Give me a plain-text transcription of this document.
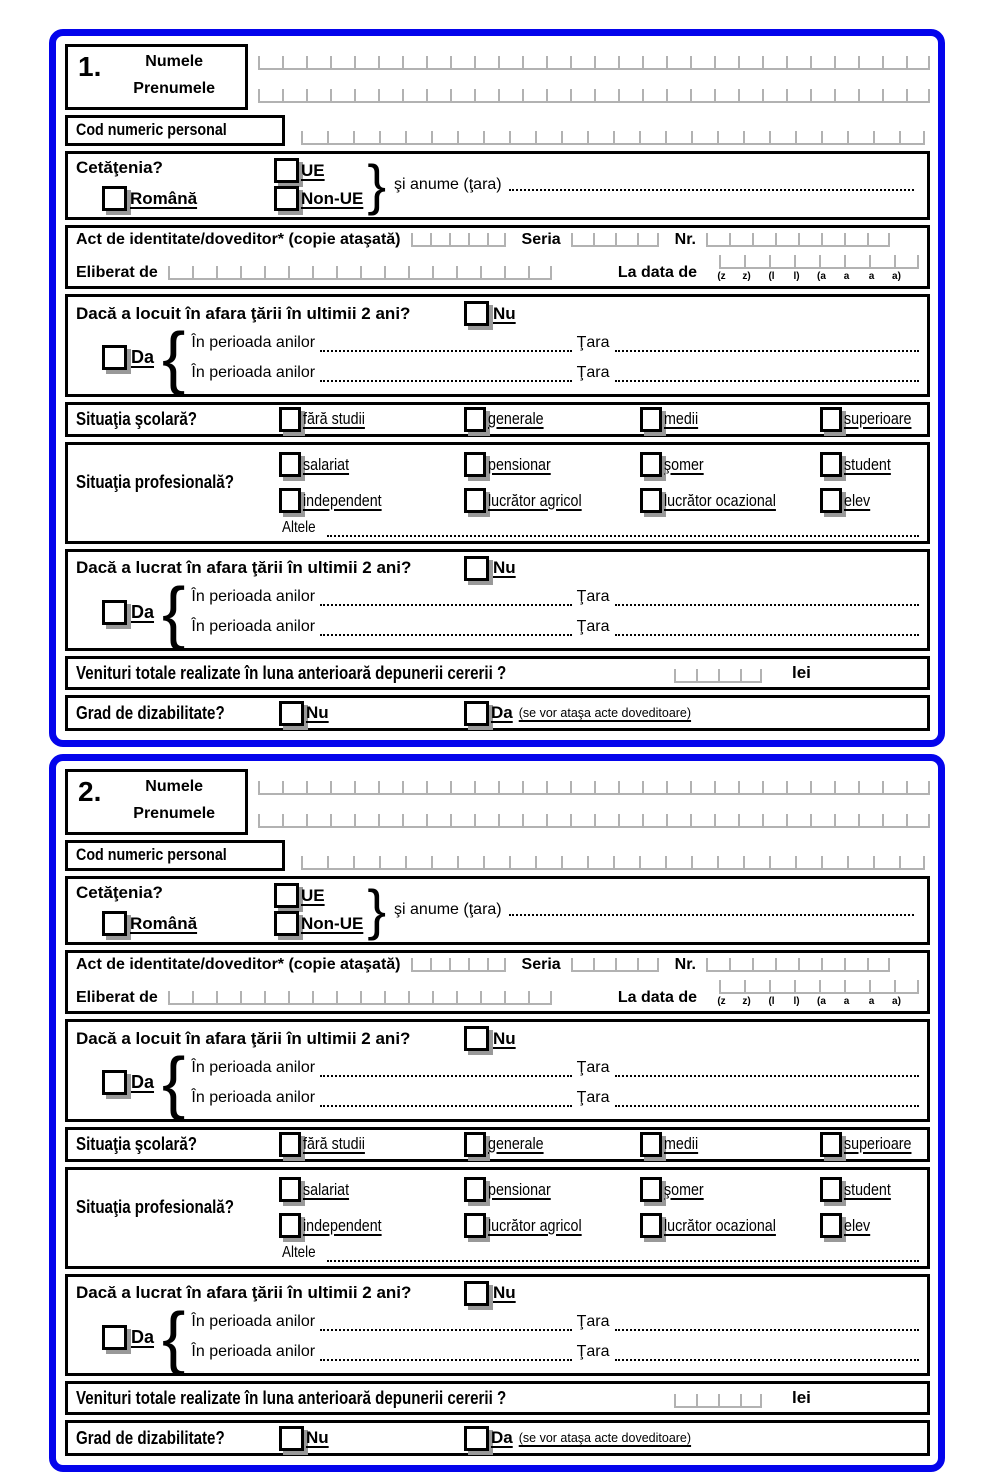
1.	Numele
Prenumele
Cod numeric personal
Cetăţenia?
Română
UE
Non-UE } şi anume (ţara)
Act de identitate/doveditor* (copie ataşată)	Seria	Nr.
Eliberat de	La data de	(z	z)	(l	l)	(a	a	a	a)
Dacă a locuit în afara ţării în ultimii 2 ani?	Nu
Da { În perioada anilor	Ţara
În perioada anilor	Ţara
Situaţia şcolară?	fără studii	generale	medii	superioare
Situaţia profesională?
salariat	pensionar	şomer	student
independent	lucrător agricol	lucrător ocazional	elev
Altele
Dacă a lucrat în afara ţării în ultimii 2 ani?	Nu
Da { În perioada anilor	Ţara
În perioada anilor	Ţara
Venituri totale realizate în luna anterioară depunerii cererii ?	lei
Grad de dizabilitate?	Nu	Da (se vor ataşa acte doveditoare)
2.	Numele
Prenumele
Cod numeric personal
Cetăţenia?
Română
UE
Non-UE } şi anume (ţara)
Act de identitate/doveditor* (copie ataşată)	Seria	Nr.
Eliberat de	La data de	(z	z)	(l	l)	(a	a	a	a)
Dacă a locuit în afara ţării în ultimii 2 ani?	Nu
Da { În perioada anilor	Ţara
În perioada anilor	Ţara
Situaţia şcolară?	fără studii	generale	medii	superioare
Situaţia profesională?
salariat	pensionar	şomer	student
independent	lucrător agricol	lucrător ocazional	elev
Altele
Dacă a lucrat în afara ţării în ultimii 2 ani?	Nu
Da { În perioada anilor	Ţara
În perioada anilor	Ţara
Venituri totale realizate în luna anterioară depunerii cererii ?	lei
Grad de dizabilitate?	Nu	Da (se vor ataşa acte doveditoare)
